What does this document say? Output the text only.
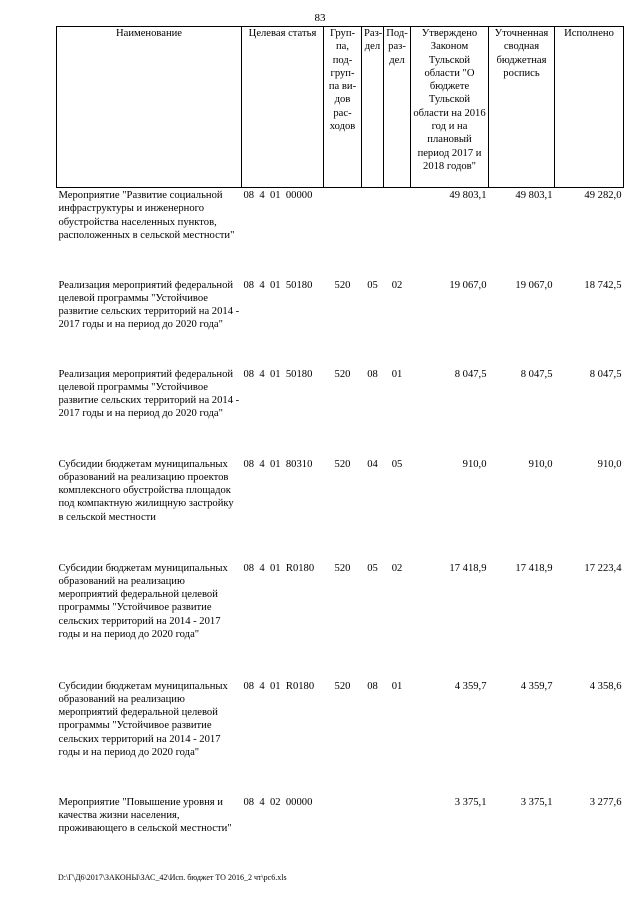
83
Наименование	Целевая статья	Груп-па, под-груп-па ви-дов рас-ходов	Раз-дел	Под-раз-дел	Утверждено Законом Тульской области "О бюджете Тульской области на 2016 год и на плановый период 2017 и 2018 годов"	Уточненная сводная бюджетная роспись	Исполнено
Мероприятие "Развитие социальной инфраструктуры и инженерного обустройства населенных пунктов, расположенных в сельской местности"	08  4  01  00000				49 803,1	49 803,1	49 282,0
Реализация мероприятий федеральной целевой программы "Устойчивое развитие сельских территорий на 2014 - 2017 годы и на период до 2020 года"	08  4  01  50180	520	05	02	19 067,0	19 067,0	18 742,5
Реализация мероприятий федеральной целевой программы "Устойчивое развитие сельских территорий на 2014 - 2017 годы и на период до 2020 года"	08  4  01  50180	520	08	01	8 047,5	8 047,5	8 047,5
Субсидии бюджетам муниципальных образований на реализацию проектов комплексного обустройства площадок под компактную жилищную застройку в сельской местности	08  4  01  80310	520	04	05	910,0	910,0	910,0
Субсидии бюджетам муниципальных образований на реализацию мероприятий федеральной целевой программы "Устойчивое развитие сельских территорий на 2014 - 2017 годы и на период до 2020 года"	08  4  01  R0180	520	05	02	17 418,9	17 418,9	17 223,4
Субсидии бюджетам муниципальных образований на реализацию мероприятий федеральной целевой программы "Устойчивое развитие сельских территорий на 2014 - 2017 годы и на период до 2020 года"	08  4  01  R0180	520	08	01	4 359,7	4 359,7	4 358,6
Мероприятие "Повышение уровня и качества жизни населения, проживающего в сельской местности"	08  4  02  00000				3 375,1	3 375,1	3 277,6
D:\Г\Д6\2017\ЗАКОНЫ\ЗАС_42\Исп. бюджет ТО 2016_2 чт\рс6.xls
